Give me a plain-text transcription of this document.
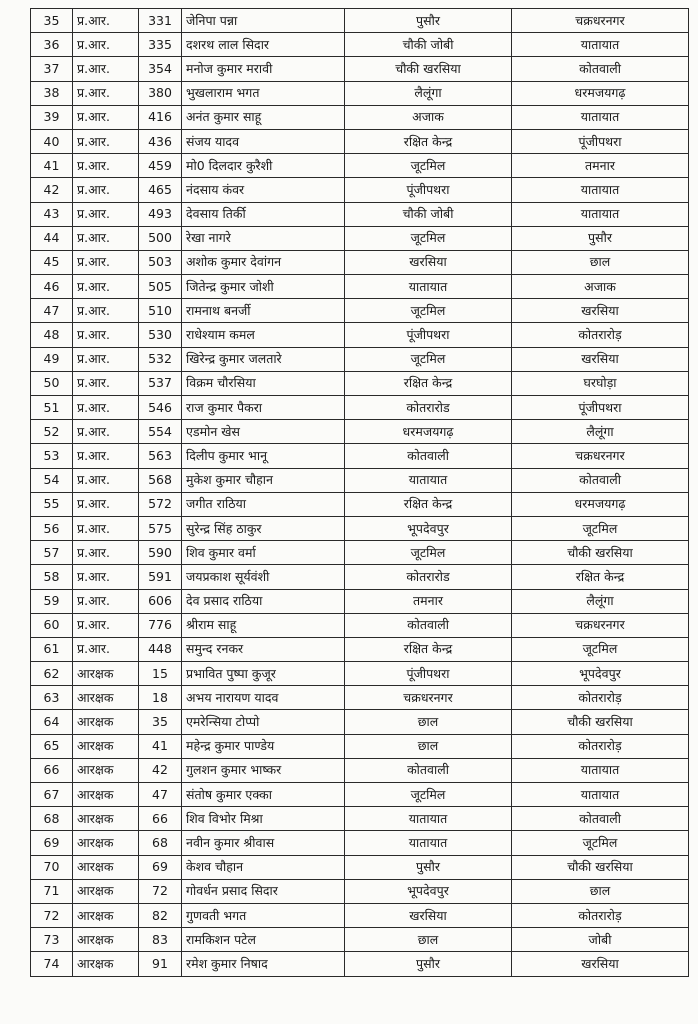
35	प्र.आर.	331	जेनिपा पन्ना	पुसौर	चक्रधरनगर
36	प्र.आर.	335	दशरथ लाल सिदार	चौकी जोबी	यातायात
37	प्र.आर.	354	मनोज कुमार मरावी	चौकी खरसिया	कोतवाली
38	प्र.आर.	380	भुखलाराम भगत	लैलूंगा	धरमजयगढ़
39	प्र.आर.	416	अनंत कुमार साहू	अजाक	यातायात
40	प्र.आर.	436	संजय यादव	रक्षित केन्द्र	पूंजीपथरा
41	प्र.आर.	459	मो0 दिलदार कुरैशी	जूटमिल	तमनार
42	प्र.आर.	465	नंदसाय कंवर	पूंजीपथरा	यातायात
43	प्र.आर.	493	देवसाय तिर्की	चौकी जोबी	यातायात
44	प्र.आर.	500	रेखा नागरे	जूटमिल	पुसौर
45	प्र.आर.	503	अशोक कुमार देवांगन	खरसिया	छाल
46	प्र.आर.	505	जितेन्द्र कुमार जोशी	यातायात	अजाक
47	प्र.आर.	510	रामनाथ बनर्जी	जूटमिल	खरसिया
48	प्र.आर.	530	राधेश्याम कमल	पूंजीपथरा	कोतरारोड़
49	प्र.आर.	532	खिरेन्द्र कुमार जलतारे	जूटमिल	खरसिया
50	प्र.आर.	537	विक्रम चौरसिया	रक्षित केन्द्र	घरघोड़ा
51	प्र.आर.	546	राज कुमार पैकरा	कोतरारोड	पूंजीपथरा
52	प्र.आर.	554	एडमोन खेस	धरमजयगढ़	लैलूंगा
53	प्र.आर.	563	दिलीप कुमार भानू	कोतवाली	चक्रधरनगर
54	प्र.आर.	568	मुकेश कुमार चौहान	यातायात	कोतवाली
55	प्र.आर.	572	जगीत राठिया	रक्षित केन्द्र	धरमजयगढ़
56	प्र.आर.	575	सुरेन्द्र सिंह ठाकुर	भूपदेवपुर	जूटमिल
57	प्र.आर.	590	शिव कुमार वर्मा	जूटमिल	चौकी खरसिया
58	प्र.आर.	591	जयप्रकाश सूर्यवंशी	कोतरारोड	रक्षित केन्द्र
59	प्र.आर.	606	देव प्रसाद राठिया	तमनार	लैलूंगा
60	प्र.आर.	776	श्रीराम साहू	कोतवाली	चक्रधरनगर
61	प्र.आर.	448	समुन्द रनकर	रक्षित केन्द्र	जूटमिल
62	आरक्षक	15	प्रभावित पुष्पा कुजूर	पूंजीपथरा	भूपदेवपुर
63	आरक्षक	18	अभय नारायण यादव	चक्रधरनगर	कोतरारोड़
64	आरक्षक	35	एमरेन्सिया टोप्पो	छाल	चौकी खरसिया
65	आरक्षक	41	महेन्द्र कुमार पाण्डेय	छाल	कोतरारोड़
66	आरक्षक	42	गुलशन कुमार भाष्कर	कोतवाली	यातायात
67	आरक्षक	47	संतोष कुमार एक्का	जूटमिल	यातायात
68	आरक्षक	66	शिव विभोर मिश्रा	यातायात	कोतवाली
69	आरक्षक	68	नवीन कुमार श्रीवास	यातायात	जूटमिल
70	आरक्षक	69	केशव चौहान	पुसौर	चौकी खरसिया
71	आरक्षक	72	गोवर्धन प्रसाद सिदार	भूपदेवपुर	छाल
72	आरक्षक	82	गुणवती भगत	खरसिया	कोतरारोड़
73	आरक्षक	83	रामकिशन पटेल	छाल	जोबी
74	आरक्षक	91	रमेश कुमार निषाद	पुसौर	खरसिया
